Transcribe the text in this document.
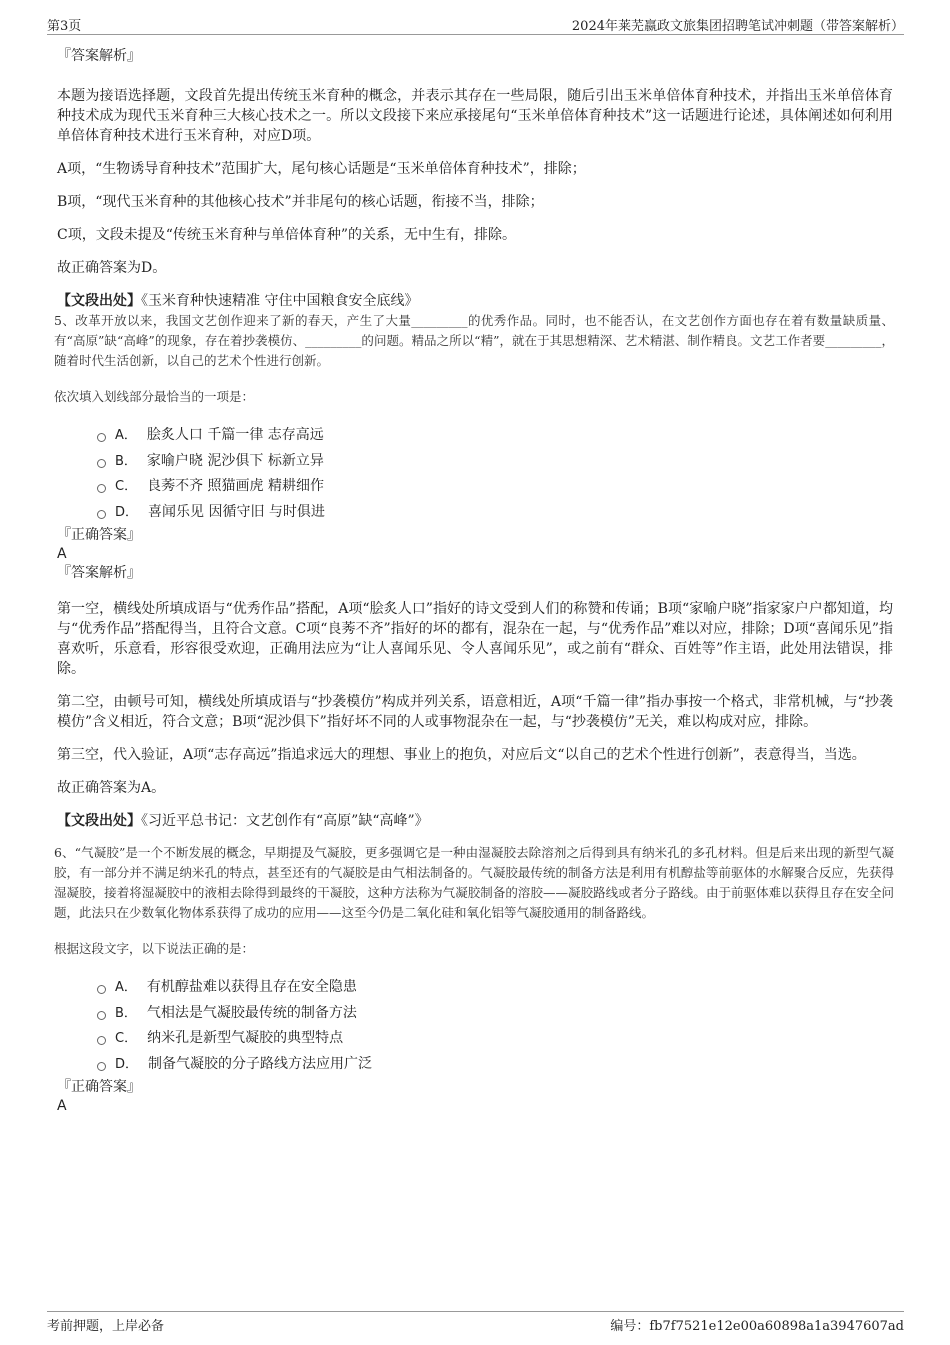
第3页	2024年莱芜嬴政文旅集团招聘笔试冲刺题（带答案解析）

『答案解析』

本题为接语选择题，文段首先提出传统玉米育种的概念，并表示其存在一些局限，随后引出玉米单倍体育种技术，并指出玉米单倍体育种技术成为现代玉米育种三大核心技术之一。所以文段接下来应承接尾句“玉米单倍体育种技术”这一话题进行论述，具体阐述如何利用单倍体育种技术进行玉米育种，对应D项。

A项，“生物诱导育种技术”范围扩大，尾句核心话题是“玉米单倍体育种技术”，排除；

B项，“现代玉米育种的其他核心技术”并非尾句的核心话题，衔接不当，排除；

C项，文段未提及“传统玉米育种与单倍体育种”的关系，无中生有，排除。

故正确答案为D。

【文段出处】《玉米育种快速精准 守住中国粮食安全底线》

5、改革开放以来，我国文艺创作迎来了新的春天，产生了大量_________的优秀作品。同时，也不能否认，在文艺创作方面也存在着有数量缺质量、有“高原”缺“高峰”的现象，存在着抄袭模仿、_________的问题。精品之所以“精”，就在于其思想精深、艺术精湛、制作精良。文艺工作者要_________，随着时代生活创新，以自己的艺术个性进行创新。

依次填入划线部分最恰当的一项是：

A． 脍炙人口 千篇一律 志存高远
B． 家喻户晓 泥沙俱下 标新立异
C． 良莠不齐 照猫画虎 精耕细作
D． 喜闻乐见 因循守旧 与时俱进

『正确答案』

A

『答案解析』

第一空，横线处所填成语与“优秀作品”搭配，A项“脍炙人口”指好的诗文受到人们的称赞和传诵；B项“家喻户晓”指家家户户都知道，均与“优秀作品”搭配得当，且符合文意。C项“良莠不齐”指好的坏的都有，混杂在一起，与“优秀作品”难以对应，排除；D项“喜闻乐见”指喜欢听，乐意看，形容很受欢迎，正确用法应为“让人喜闻乐见、令人喜闻乐见”，或之前有“群众、百姓等”作主语，此处用法错误，排除。

第二空，由顿号可知，横线处所填成语与“抄袭模仿”构成并列关系，语意相近，A项“千篇一律”指办事按一个格式，非常机械，与“抄袭模仿”含义相近，符合文意；B项“泥沙俱下”指好坏不同的人或事物混杂在一起，与“抄袭模仿”无关，难以构成对应，排除。

第三空，代入验证，A项“志存高远”指追求远大的理想、事业上的抱负，对应后文“以自己的艺术个性进行创新”，表意得当，当选。

故正确答案为A。

【文段出处】《习近平总书记：文艺创作有“高原”缺“高峰”》

6、“气凝胶”是一个不断发展的概念，早期提及气凝胶，更多强调它是一种由湿凝胶去除溶剂之后得到具有纳米孔的多孔材料。但是后来出现的新型气凝胶，有一部分并不满足纳米孔的特点，甚至还有的气凝胶是由气相法制备的。气凝胶最传统的制备方法是利用有机醇盐等前驱体的水解聚合反应，先获得湿凝胶，接着将湿凝胶中的液相去除得到最终的干凝胶，这种方法称为气凝胶制备的溶胶——凝胶路线或者分子路线。由于前驱体难以获得且存在安全问题，此法只在少数氧化物体系获得了成功的应用——这至今仍是二氧化硅和氧化铝等气凝胶通用的制备路线。

根据这段文字，以下说法正确的是：

A． 有机醇盐难以获得且存在安全隐患
B． 气相法是气凝胶最传统的制备方法
C． 纳米孔是新型气凝胶的典型特点
D． 制备气凝胶的分子路线方法应用广泛

『正确答案』

A

考前押题，上岸必备	编号：fb7f7521e12e00a60898a1a3947607ad
